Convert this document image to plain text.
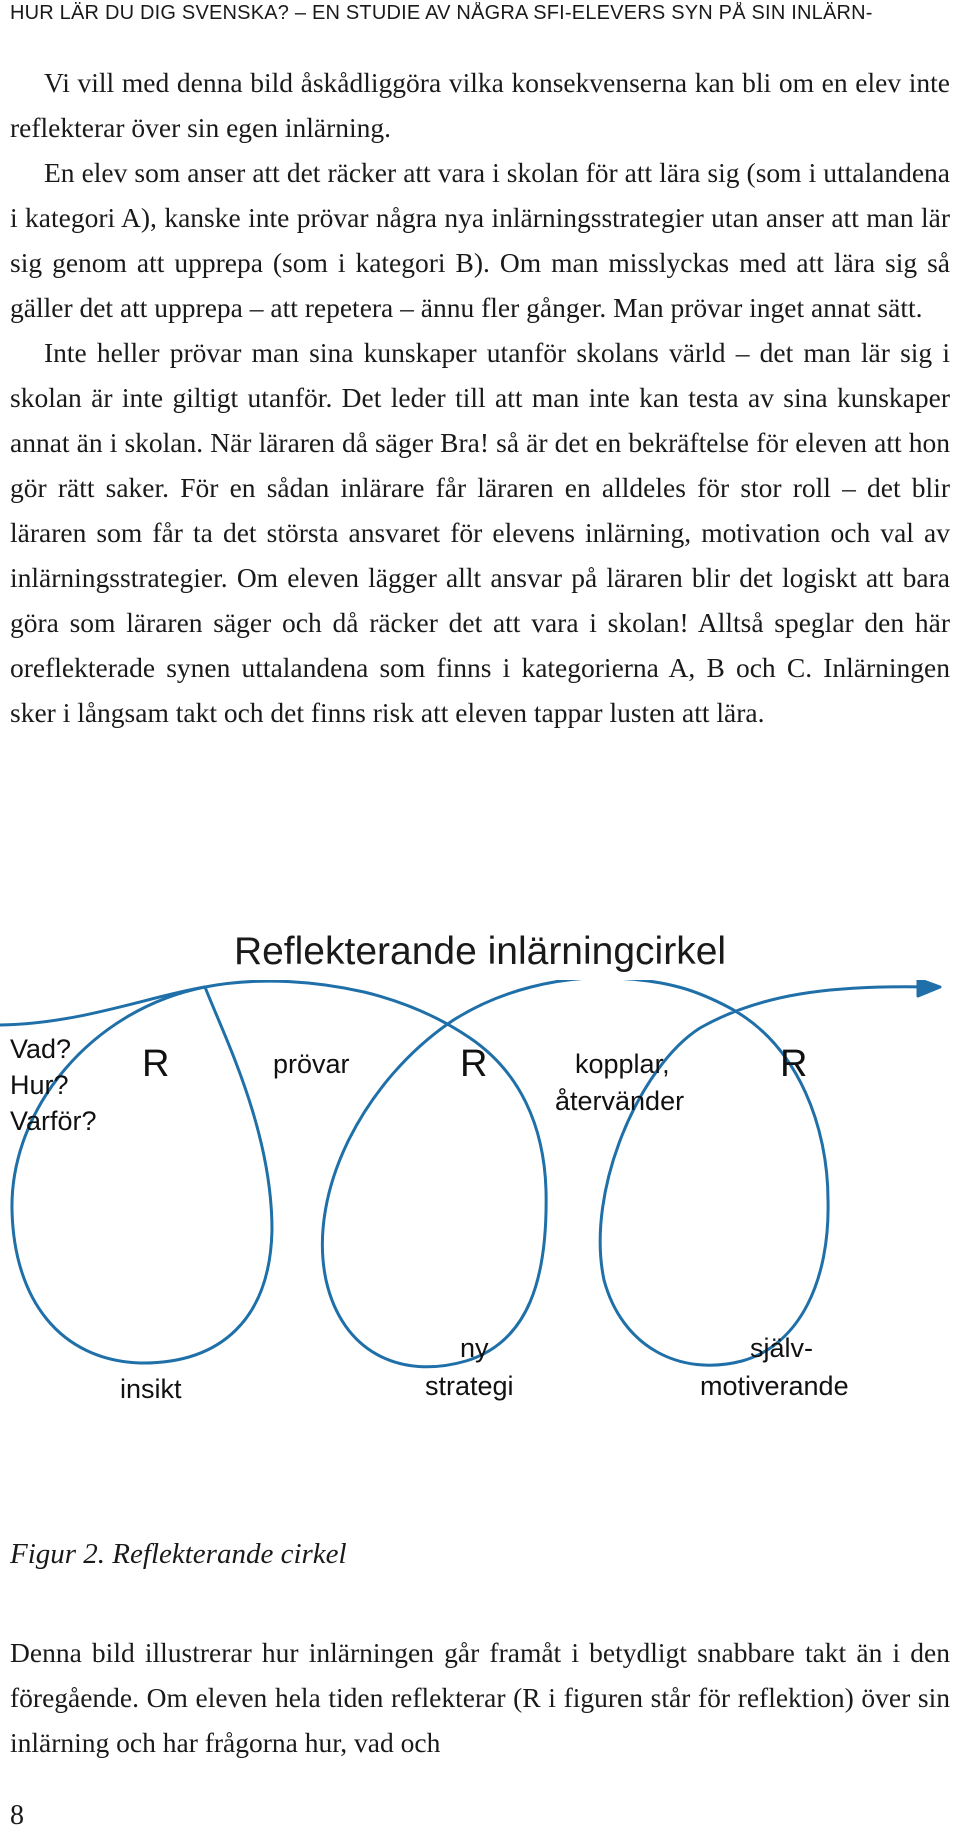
HUR LÄR DU DIG SVENSKA? – EN STUDIE AV NÅGRA SFI-ELEVERS SYN PÅ SIN INLÄRN-

Vi vill med denna bild åskådliggöra vilka konsekvenserna kan bli om en elev inte reflekterar över sin egen inlärning.

En elev som anser att det räcker att vara i skolan för att lära sig (som i uttalandena i kategori A), kanske inte prövar några nya inlärningsstrategier utan anser att man lär sig genom att upprepa (som i kategori B). Om man misslyckas med att lära sig så gäller det att upprepa – att repetera – ännu fler gånger. Man prövar inget annat sätt.

Inte heller prövar man sina kunskaper utanför skolans värld – det man lär sig i skolan är inte giltigt utanför. Det leder till att man inte kan testa av sina kunskaper annat än i skolan. När läraren då säger Bra! så är det en bekräftelse för eleven att hon gör rätt saker. För en sådan inlärare får läraren en alldeles för stor roll – det blir läraren som får ta det största ansvaret för elevens inlärning, motivation och val av inlärningsstrategier. Om eleven lägger allt ansvar på läraren blir det logiskt att bara göra som läraren säger och då räcker det att vara i skolan! Alltså speglar den här oreflekterade synen uttalandena som finns i kategorierna A, B och C. Inlärningen sker i långsam takt och det finns risk att eleven tappar lusten att lära.

Reflekterande inlärningcirkel
Vad?
Hur?
Varför?
R	R	R
prövar	kopplar,
återvänder
insikt
ny
strategi
själv-
motiverande
Figur 2. Reflekterande cirkel

Denna bild illustrerar hur inlärningen går framåt i betydligt snabbare takt än i den föregående. Om eleven hela tiden reflekterar (R i figuren står för reflektion) över sin inlärning och har frågorna hur, vad och

8
